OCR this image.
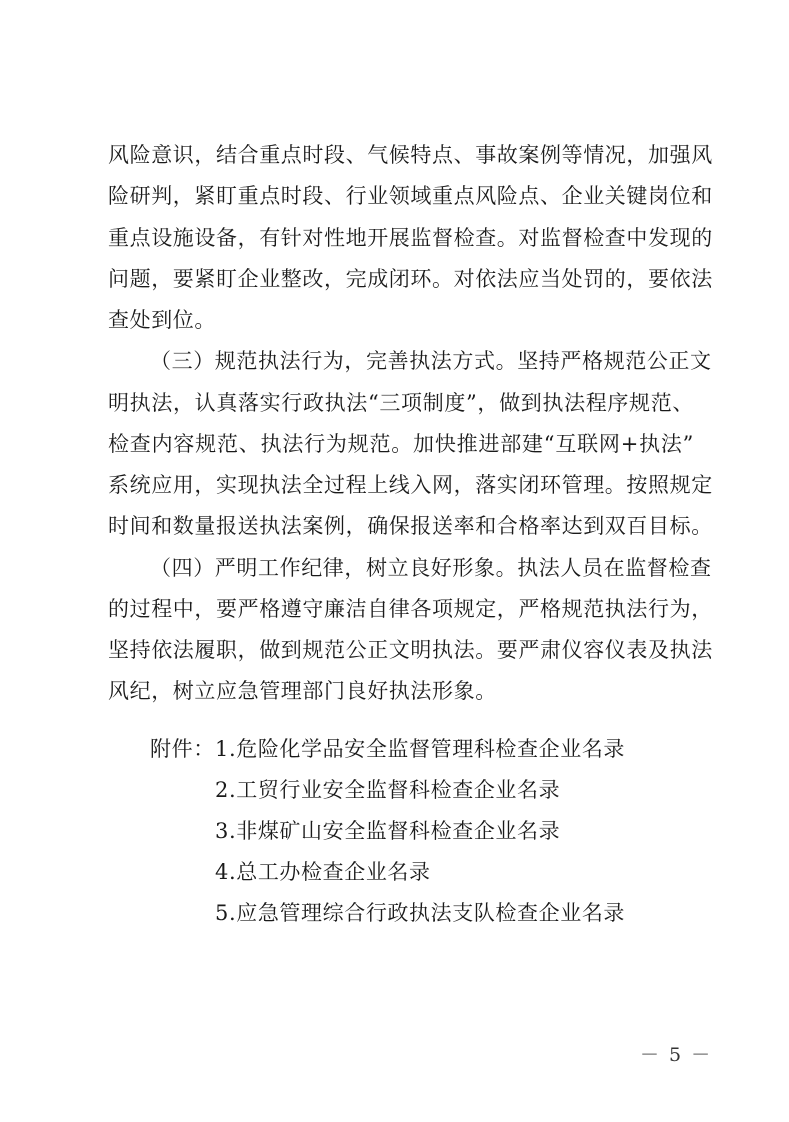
风险意识，结合重点时段、气候特点、事故案例等情况，加强风
险研判，紧盯重点时段、行业领域重点风险点、企业关键岗位和
重点设施设备，有针对性地开展监督检查。对监督检查中发现的
问题，要紧盯企业整改，完成闭环。对依法应当处罚的，要依法
查处到位。
（三）规范执法行为，完善执法方式。坚持严格规范公正文
明执法，认真落实行政执法“三项制度”，做到执法程序规范、
检查内容规范、执法行为规范。加快推进部建“互联网+执法”
系统应用，实现执法全过程上线入网，落实闭环管理。按照规定
时间和数量报送执法案例，确保报送率和合格率达到双百目标。
（四）严明工作纪律，树立良好形象。执法人员在监督检查
的过程中，要严格遵守廉洁自律各项规定，严格规范执法行为，
坚持依法履职，做到规范公正文明执法。要严肃仪容仪表及执法
风纪，树立应急管理部门良好执法形象。
附件： 1.危险化学品安全监督管理科检查企业名录
2.工贸行业安全监督科检查企业名录
3.非煤矿山安全监督科检查企业名录
4.总工办检查企业名录
5.应急管理综合行政执法支队检查企业名录
－ 5 －
